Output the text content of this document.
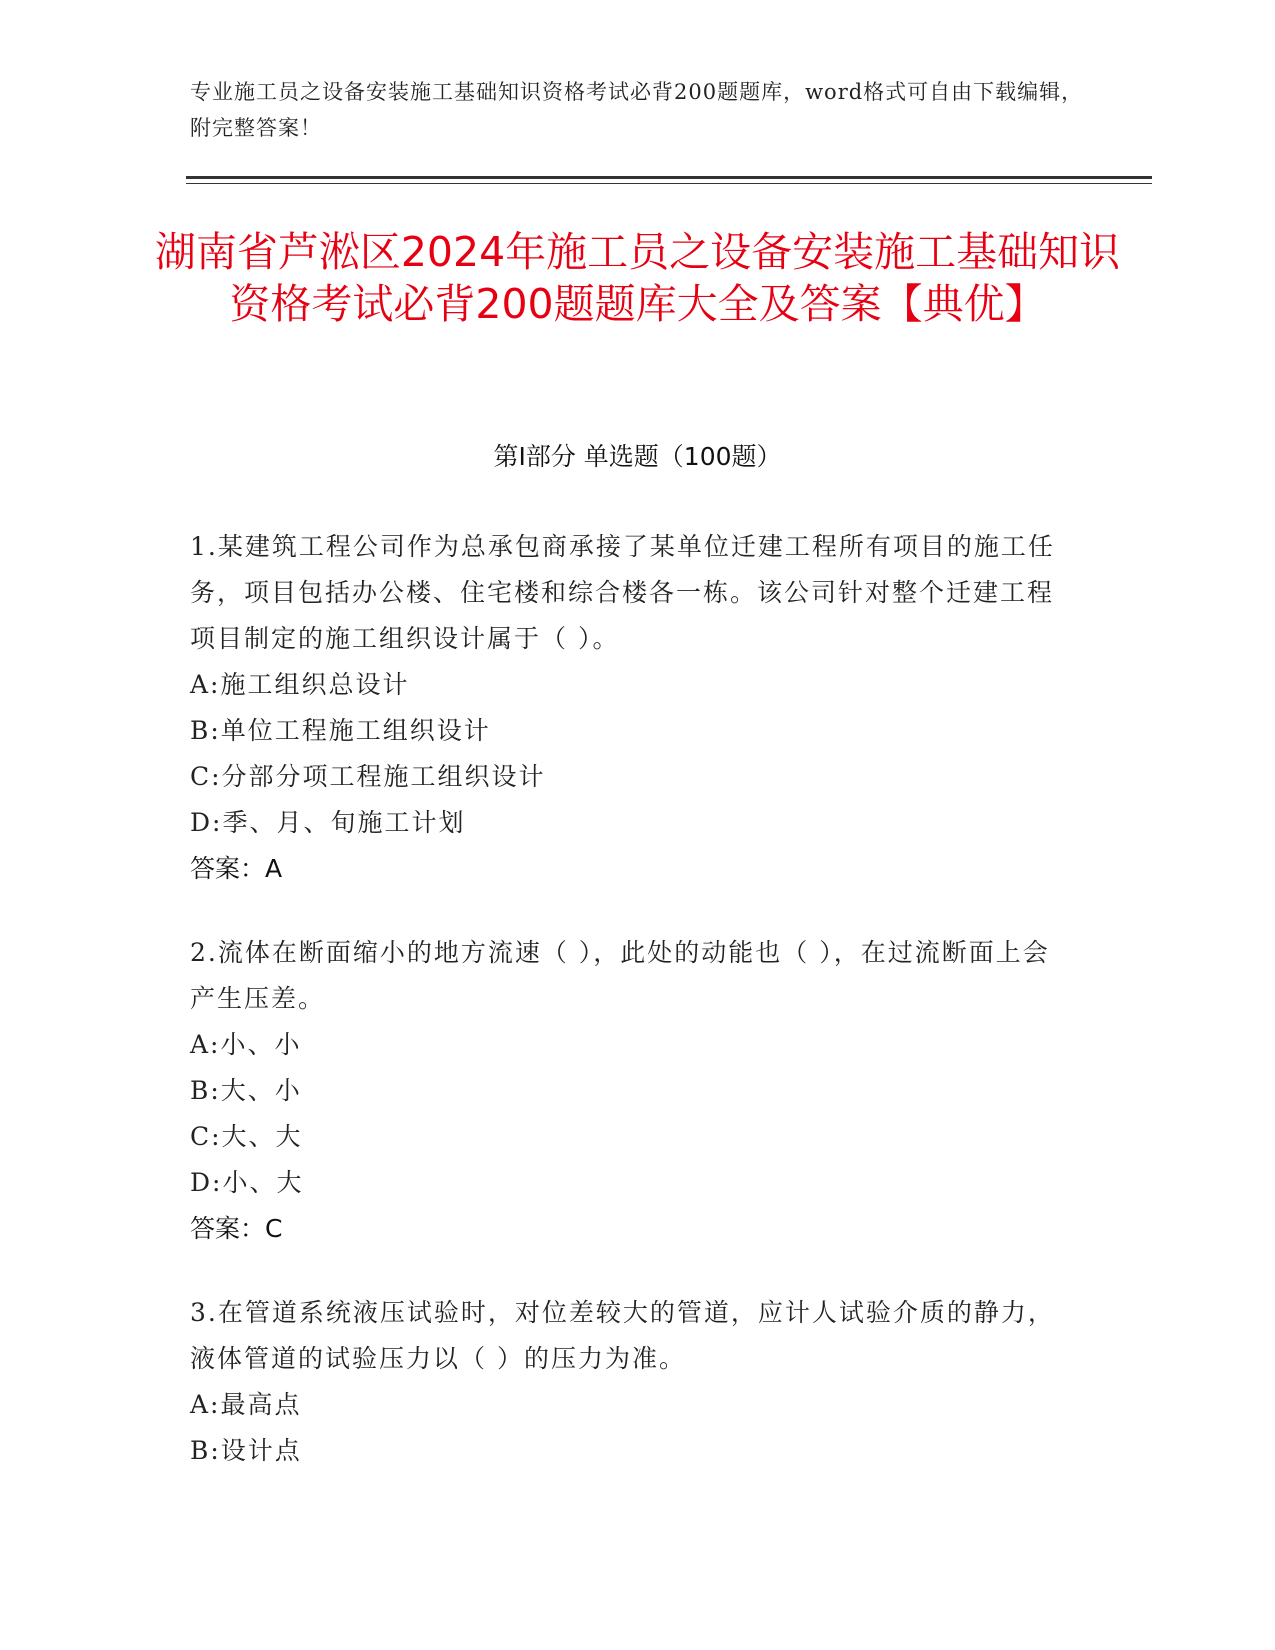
专业施工员之设备安装施工基础知识资格考试必背200题题库，word格式可自由下载编辑，附完整答案！
湖南省芦淞区2024年施工员之设备安装施工基础知识资格考试必背200题题库大全及答案【典优】
第I部分 单选题（100题）
1.某建筑工程公司作为总承包商承接了某单位迁建工程所有项目的施工任务，项目包括办公楼、住宅楼和综合楼各一栋。该公司针对整个迁建工程项目制定的施工组织设计属于（ ）。
A:施工组织总设计
B:单位工程施工组织设计
C:分部分项工程施工组织设计
D:季、月、旬施工计划
答案：A
2.流体在断面缩小的地方流速（ ），此处的动能也（ ），在过流断面上会产生压差。
A:小、小
B:大、小
C:大、大
D:小、大
答案：C
3.在管道系统液压试验时，对位差较大的管道，应计人试验介质的静力，液体管道的试验压力以（ ）的压力为准。
A:最高点
B:设计点
